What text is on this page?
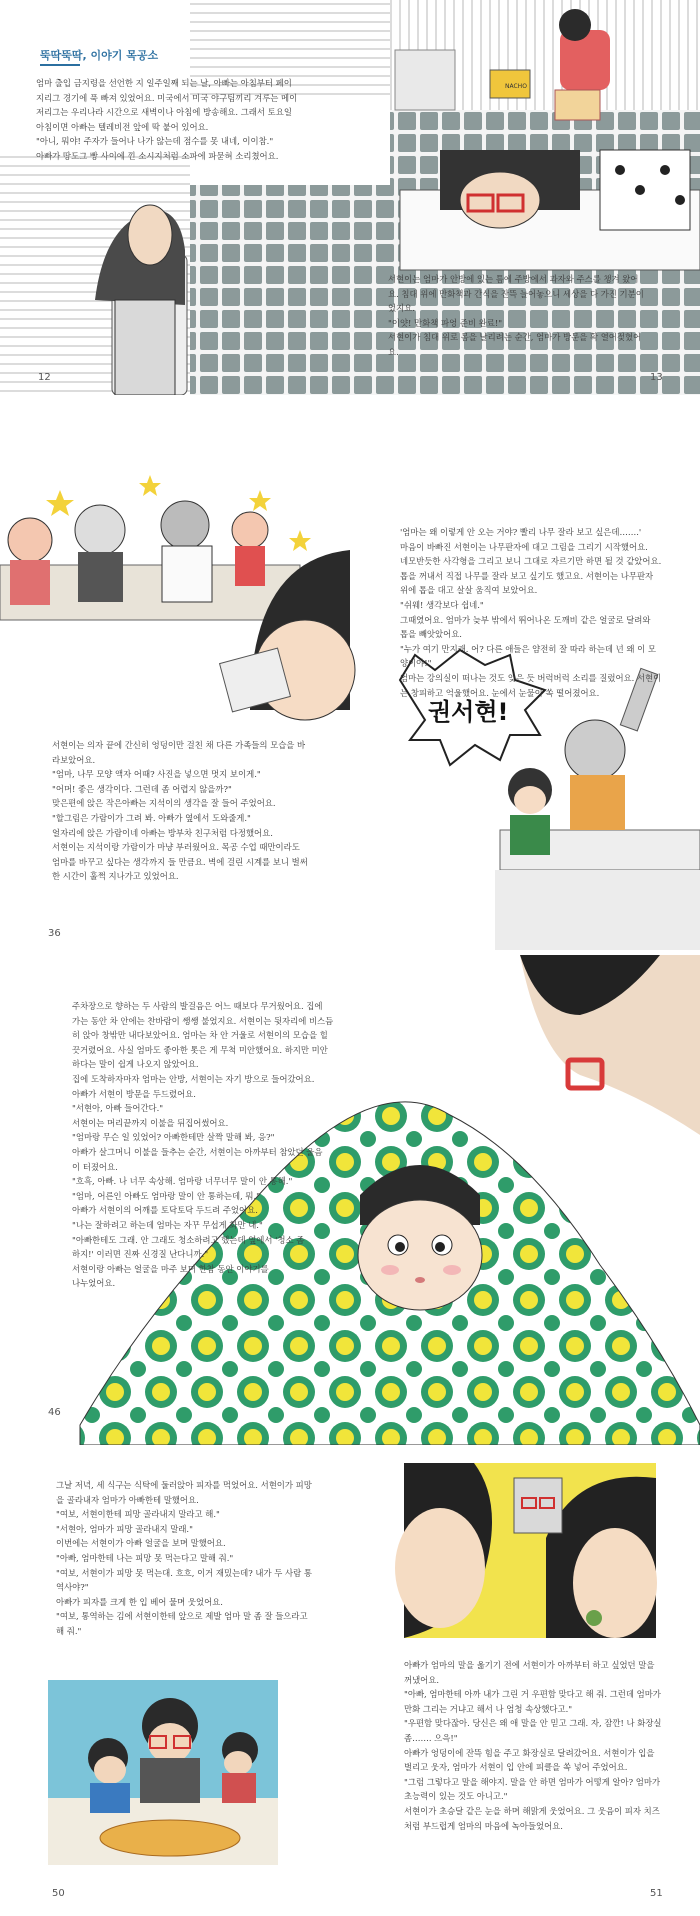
NACHO
뚝딱뚝딱, 이야기 목공소

엄마 출입 금지령을 선언한 지 일주일째 되는 날, 아빠는 아침부터 페이

지리그 경기에 푹 빠져 있었어요. 미국에서 미국 야구팀끼리 겨루는 메이

저리그는 우리나라 시간으로 새벽이나 아침에 방송해요. 그래서 토요일

아침이면 아빠는 텔레비전 앞에 딱 붙어 있어요.

"아니, 뭐야! 주자가 들어나 나가 않는데 점수를 못 내네, 이이참."

아빠가 땅도그 빵 사이에 낀 소시지처럼 소파에 파묻혀 소리쳤어요.

서현이는 엄마가 안방에 있는 틈에 주방에서 과자와 주스를 챙겨 왔어

요. 침대 위에 만화책과 간식을 잔뜩 늘어놓으니 세상을 다 가진 기분이

었지요.

"이얏! 만화책 파엉 준비 완료!"

서현이가 침대 위로 몸을 날리려는 순간, 엄마가 방문을 확 열어젖혔어

요.

12	13
권서현!

서현이는 의자 끝에 간신히 엉덩이만 걸친 채 다른 가족들의 모습을 바

라보았어요.

"엄마, 나무 모양 액자 어때? 사진을 넣으면 멋지 보이게."

"어머! 좋은 생각이다. 그런데 좀 어렵지 않을까?"

맞은편에 앉은 작은아빠는 지석이의 생각을 잘 들어 주었어요.

"할그림은 가람이가 그려 봐. 아빠가 옆에서 도와줄게."

얼자리에 앉은 가람이네 아빠는 방부차 친구처럼 다정했어요.

서현이는 지석이랑 가람이가 마냥 부러웠어요. 목공 수업 때만이라도

엄마를 바꾸고 싶다는 생각까지 들 만큼요. 벽에 걸린 시계를 보니 벌써

한 시간이 훌쩍 지나가고 있었어요.

'엄마는 왜 이렇게 안 오는 거야? 빨리 나무 잘라 보고 싶은데…….'

마음이 바빠진 서현이는 나무판자에 대고 그림을 그리기 시작했어요.

네모반듯한 사각형을 그리고 보니 그대로 자르기만 하면 될 것 같았어요.

톱을 꺼내서 직접 나무를 잘라 보고 싶기도 했고요. 서현이는 나무판자

위에 톱을 대고 살살 움직여 보았어요.

"쉬웨! 생각보다 쉽네."

그때였어요. 엄마가 늦부 밖에서 뛰어나온 도깨비 같은 얼굴로 달려와

톱을 빼앗았어요.

"누가 여기 만지래. 어? 다른 애들은 얌전히 잘 따라 하는데 넌 왜 이 모

양이야!"

엄마는 강의실이 떠나는 것도 잊은 듯 버럭버럭 소리를 질렀어요. 서현이

는 창피하고 억울했어요. 눈에서 눈물이 쏙 떨어졌어요.

36

주차장으로 향하는 두 사람의 발걸음은 어느 때보다 무거웠어요. 집에

가는 동안 차 안에는 찬바람이 쌩쌩 불었지요. 서현이는 뒷자리에 비스듬

히 앉아 창밖만 내다보았어요. 엄마는 차 안 거울로 서현이의 모습을 힐

끗거렸어요. 사실 엄마도 좋아한 톳은 게 무척 미안했어요. 하지만 미안

하다는 말이 쉽게 나오지 않았어요.

집에 도착하자마자 엄마는 안방, 서현이는 자기 방으로 들어갔어요.

아빠가 서현이 방문을 두드렸어요.

"서현아, 아빠 들어간다."

서현이는 머리끝까지 이불을 뒤집어썼어요.

"엄마랑 무슨 일 있었어? 아빠한테만 살짝 말해 봐, 응?"

아빠가 살그머니 이불을 들추는 순간, 서현이는 아까부터 참았던 울음

이 터졌어요.

"흐흑, 아빠. 나 너무 속상해. 엄마랑 너무너무 말이 안 통해."

"엄마, 어른인 아빠도 엄마랑 말이 안 통하는데, 뭐."

아빠가 서현이의 어깨를 토닥토닥 두드려 주었어요.

"나는 잘하려고 하는데 엄마는 자꾸 무섭게 화만 내."

"아빠한테도 그래. 안 그래도 청소하려고 했는데 옆에서 '청소 좀

하지!' 이러면 진짜 신경질 난다니까."

서현이랑 아빠는 얼굴을 마주 보며 한참 동안 이야기를

나누었어요.

46

그날 저녁, 세 식구는 식탁에 둘러앉아 피자를 먹었어요. 서현이가 피망

을 골라내자 엄마가 아빠한테 말했어요.

"여보, 서현이한테 피망 골라내지 말라고 해."

"서현아, 엄마가 피망 골라내지 말래."

이번에는 서현이가 아빠 얼굴을 보며 말했어요.

"아빠, 엄마한테 나는 피망 못 먹는다고 말해 줘."

"여보, 서현이가 피망 못 먹는대. 흐흐, 이거 재밌는데? 내가 두 사람 통

역사야?"

아빠가 피자를 크게 한 입 베어 물며 웃었어요.

"여보, 통역하는 김에 서현이한테 앞으로 제발 엄마 말 좀 잘 들으라고

해 줘."

아빠가 엄마의 말을 옮기기 전에 서현이가 아까부터 하고 싶었던 말을

꺼냈어요.

"아빠, 엄마한테 아까 내가 그린 거 우편함 맞다고 해 줘. 그런데 엄마가

만화 그리는 거냐고 해서 나 엄청 속상했다고."

"우편함 맞다잖아. 당신은 왜 애 말을 안 믿고 그래. 자, 잠깐! 나 화장실

좀……. 으윽!"

아빠가 엉덩이에 잔뜩 힘을 주고 화장실로 달려갔어요. 서현이가 입을

벌리고 웃자, 엄마가 서현이 입 안에 피클을 쏙 넣어 주었어요.

"그럼 그렇다고 말을 해야지. 말을 안 하면 엄마가 어떻게 알아? 엄마가

초능력이 있는 것도 아니고."

서현이가 초승달 같은 눈을 하며 해맑게 웃었어요. 그 웃음이 피자 치즈

처럼 부드럽게 엄마의 마음에 녹아들었어요.

50	51
